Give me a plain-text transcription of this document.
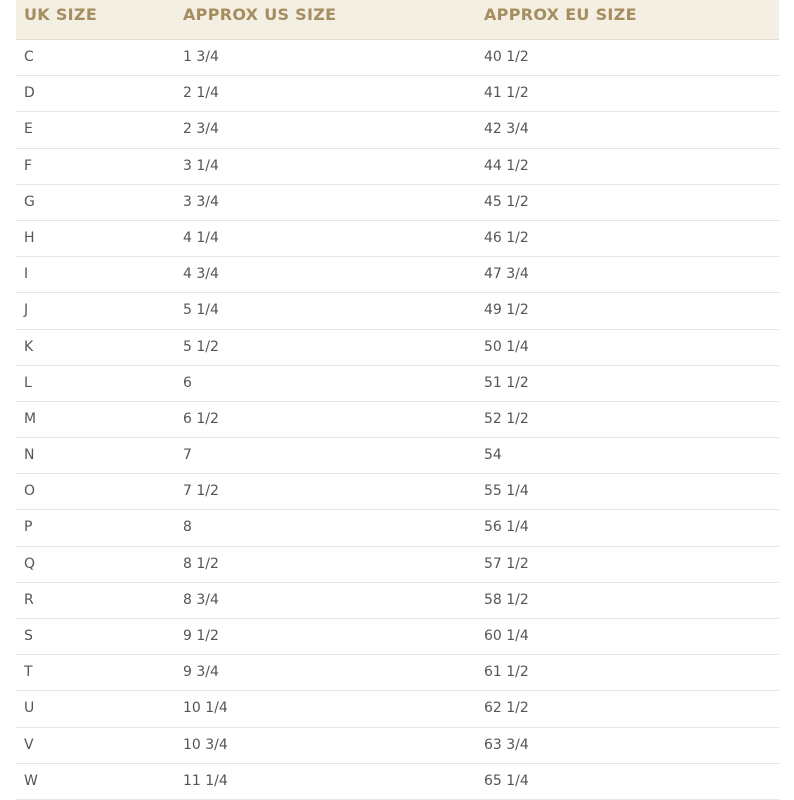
UK SIZE	APPROX US SIZE	APPROX EU SIZE
C	1 3/4	40 1/2
D	2 1/4	41 1/2
E	2 3/4	42 3/4
F	3 1/4	44 1/2
G	3 3/4	45 1/2
H	4 1/4	46 1/2
I	4 3/4	47 3/4
J	5 1/4	49 1/2
K	5 1/2	50 1/4
L	6	51 1/2
M	6 1/2	52 1/2
N	7	54
O	7 1/2	55 1/4
P	8	56 1/4
Q	8 1/2	57 1/2
R	8 3/4	58 1/2
S	9 1/2	60 1/4
T	9 3/4	61 1/2
U	10 1/4	62 1/2
V	10 3/4	63 3/4
W	11 1/4	65 1/4
